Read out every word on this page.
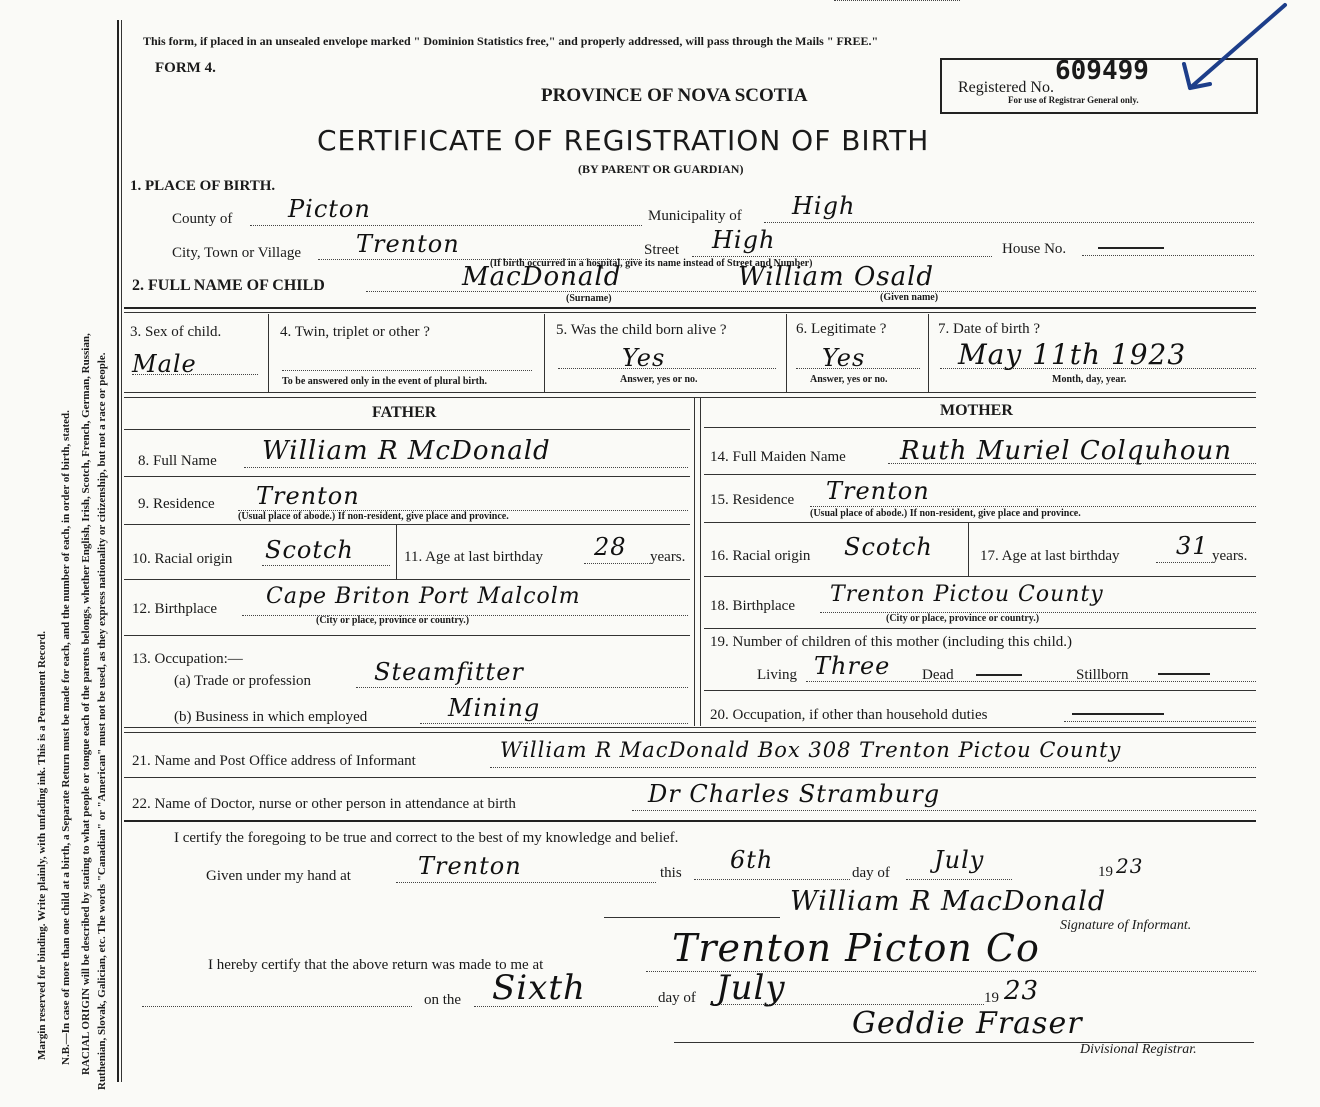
Margin reserved for binding. Write plainly, with unfading ink. This is a Permanent Record. N.B.—In case of more than one child at a birth, a Separate Return must be made for each, and the number of each, in order of birth, stated. RACIAL ORIGIN will be described by stating to what people or tongue each of the parents belongs, whether English, Irish, Scotch, French, German, Russian, Ruthenian, Slovak, Galician, etc. The words "Canadian" or "American" must not be used, as they express nationality or citizenship, but not a race or people.
This form, if placed in an unsealed envelope marked " Dominion Statistics free," and properly addressed, will pass through the Mails " FREE."
FORM 4.
PROVINCE OF NOVA SCOTIA
CERTIFICATE OF REGISTRATION OF BIRTH
(BY PARENT OR GUARDIAN)
Registered No.
609499
For use of Registrar General only.
1. PLACE OF BIRTH.
County of Picton	Municipality of High
City, Town or Village Trenton	Street High	House No.
(If birth occurred in a hospital, give its name instead of Street and Number)
2. FULL NAME OF CHILD	MacDonald	William Osald
(Surname)	(Given name)
3. Sex of child.
Male
4. Twin, triplet or other ?
To be answered only in the event of plural birth.
5. Was the child born alive ?
Yes
Answer, yes or no.
6. Legitimate ?
Yes
Answer, yes or no.
7. Date of birth ?
May 11th 1923
Month, day, year.
FATHER	MOTHER
8. Full Name William R McDonald
9. Residence Trenton
(Usual place of abode.) If non-resident, give place and province.
10. Racial origin Scotch	11. Age at last birthday 28 years.
12. Birthplace Cape Briton Port Malcolm
(City or place, province or country.)
13. Occupation:—
(a) Trade or profession	Steamfitter
(b) Business in which employed	Mining
14. Full Maiden Name Ruth Muriel Colquhoun
15. Residence Trenton
(Usual place of abode.) If non-resident, give place and province.
16. Racial origin Scotch	17. Age at last birthday 31 years.
18. Birthplace Trenton Pictou County
(City or place, province or country.)
19. Number of children of this mother (including this child.)
Living Three Dead	Stillborn
20. Occupation, if other than household duties
21. Name and Post Office address of Informant	William R MacDonald Box 308 Trenton Pictou County
22. Name of Doctor, nurse or other person in attendance at birth	Dr Charles Stramburg
I certify the foregoing to be true and correct to the best of my knowledge and belief.
Given under my hand at	Trenton	this 6th	day of July	19 23
William R MacDonald
Signature of Informant.
I hereby certify that the above return was made to me at	Trenton Picton Co
on the Sixth	day of July	19 23
Geddie Fraser
Divisional Registrar.
